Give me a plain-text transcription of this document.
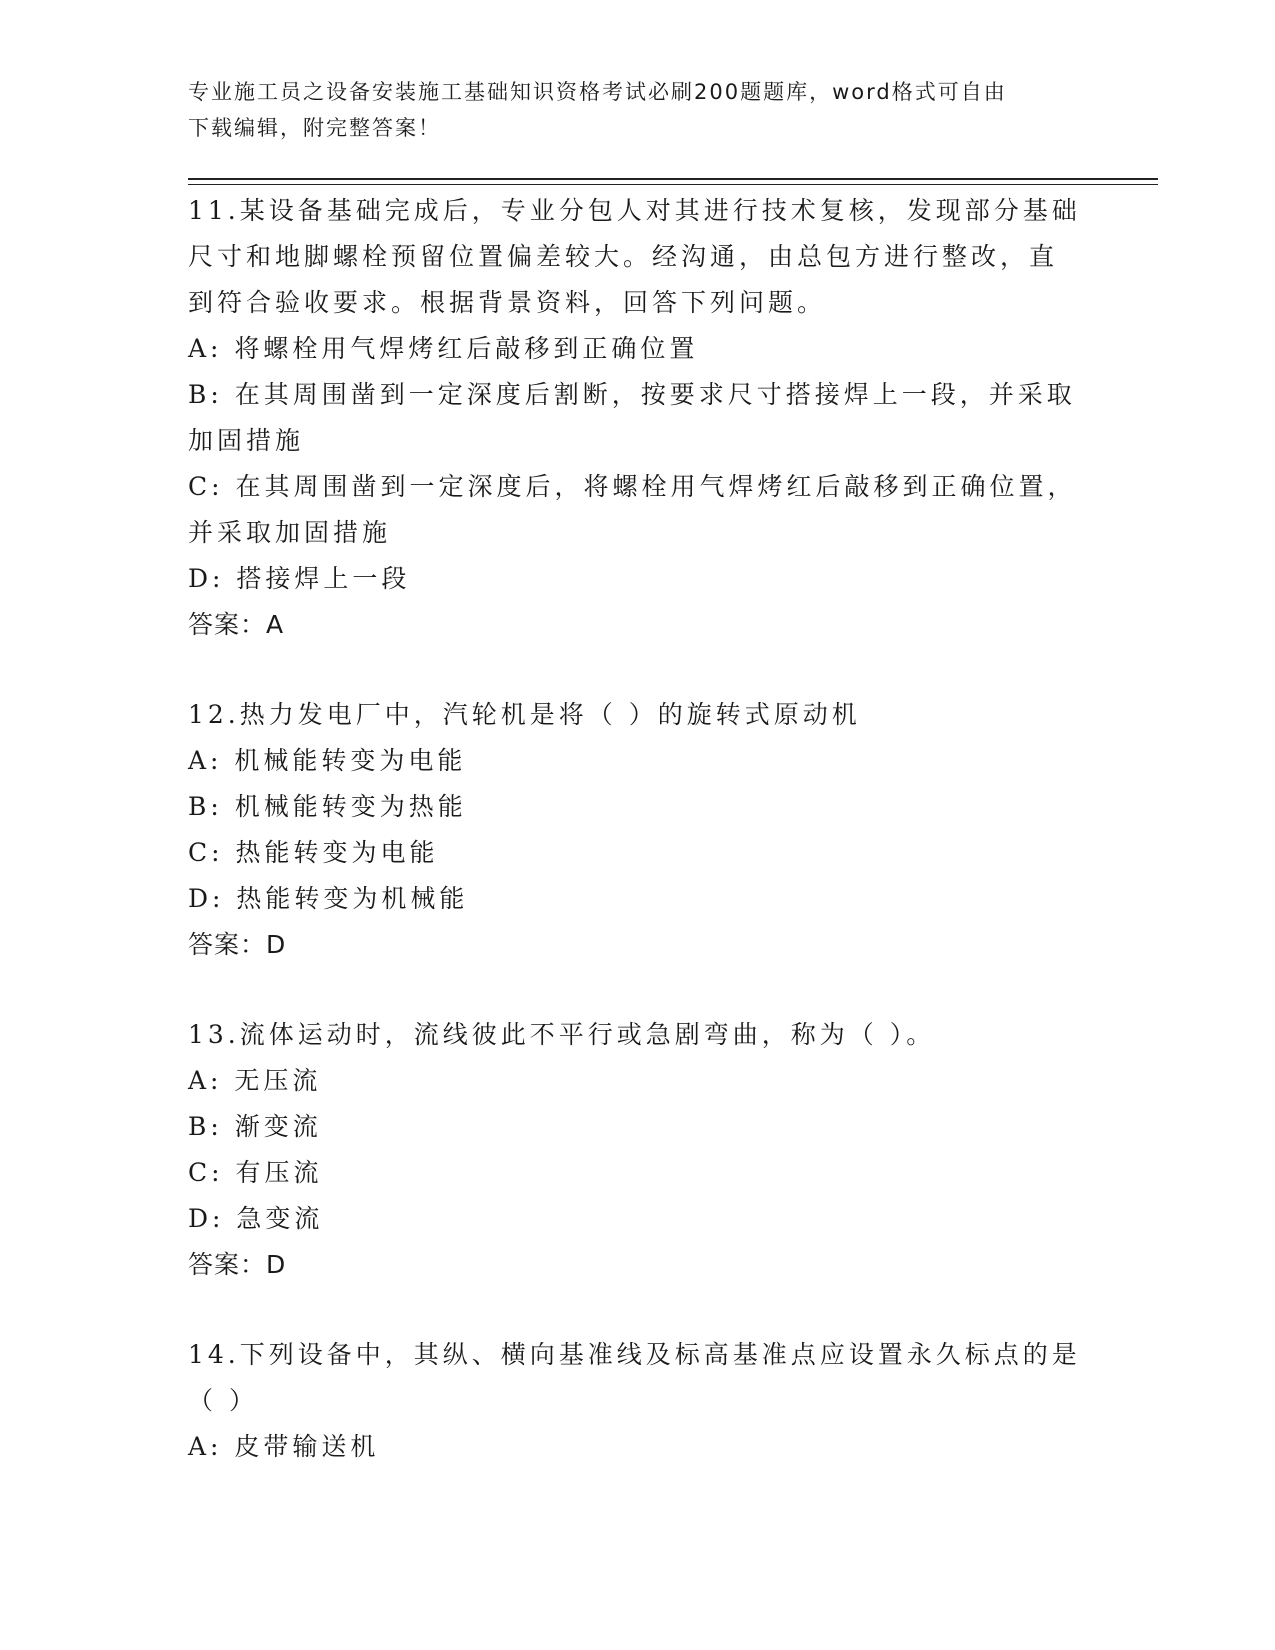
专业施工员之设备安装施工基础知识资格考试必刷200题题库，word格式可自由
下载编辑，附完整答案！
11.某设备基础完成后，专业分包人对其进行技术复核，发现部分基础
尺寸和地脚螺栓预留位置偏差较大。经沟通，由总包方进行整改，直
到符合验收要求。根据背景资料，回答下列问题。
A: 将螺栓用气焊烤红后敲移到正确位置
B: 在其周围凿到一定深度后割断，按要求尺寸搭接焊上一段，并采取
加固措施
C: 在其周围凿到一定深度后，将螺栓用气焊烤红后敲移到正确位置，
并采取加固措施
D: 搭接焊上一段
答案：A
12.热力发电厂中，汽轮机是将（ ）的旋转式原动机
A: 机械能转变为电能
B: 机械能转变为热能
C: 热能转变为电能
D: 热能转变为机械能
答案：D
13.流体运动时，流线彼此不平行或急剧弯曲，称为（ ）。
A: 无压流
B: 渐变流
C: 有压流
D: 急变流
答案：D
14.下列设备中，其纵、横向基准线及标高基准点应设置永久标点的是
（ ）
A: 皮带输送机
